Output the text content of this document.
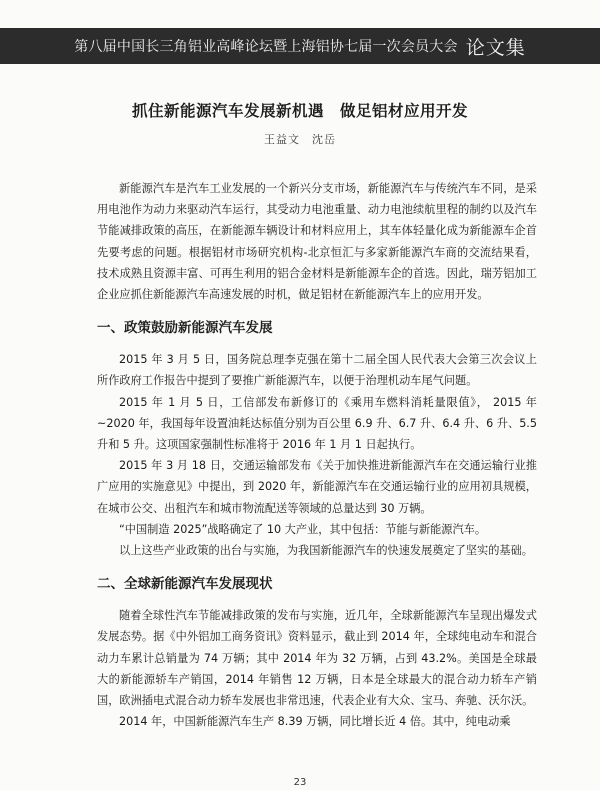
第八届中国长三角铝业高峰论坛暨上海铝协七届一次会员大会 论文集
抓住新能源汽车发展新机遇　做足铝材应用开发
王益文　沈岳

新能源汽车是汽车工业发展的一个新兴分支市场，新能源汽车与传统汽车不同，是采用电池作为动力来驱动汽车运行，其受动力电池重量、动力电池续航里程的制约以及汽车节能减排政策的高压，在新能源车辆设计和材料应用上，其车体轻量化成为新能源车企首先要考虑的问题。根据铝材市场研究机构-北京恒汇与多家新能源汽车商的交流结果看，技术成熟且资源丰富、可再生利用的铝合金材料是新能源车企的首选。因此，瑞芳铝加工企业应抓住新能源汽车高速发展的时机，做足铝材在新能源汽车上的应用开发。

一、政策鼓励新能源汽车发展

2015 年 3 月 5 日，国务院总理李克强在第十二届全国人民代表大会第三次会议上所作政府工作报告中提到了要推广新能源汽车，以便于治理机动车尾气问题。

2015 年 1 月 5 日，工信部发布新修订的《乘用车燃料消耗量限值》， 2015 年~2020 年，我国每年设置油耗达标值分别为百公里 6.9 升、6.7 升、6.4 升、6 升、5.5 升和 5 升。这项国家强制性标准将于 2016 年 1 月 1 日起执行。

2015 年 3 月 18 日，交通运输部发布《关于加快推进新能源汽车在交通运输行业推广应用的实施意见》中提出，到 2020 年，新能源汽车在交通运输行业的应用初具规模，在城市公交、出租汽车和城市物流配送等领域的总量达到 30 万辆。

“中国制造 2025”战略确定了 10 大产业，其中包括：节能与新能源汽车。

以上这些产业政策的出台与实施，为我国新能源汽车的快速发展奠定了坚实的基础。

二、全球新能源汽车发展现状

随着全球性汽车节能减排政策的发布与实施，近几年，全球新能源汽车呈现出爆发式发展态势。据《中外铝加工商务资讯》资料显示，截止到 2014 年，全球纯电动车和混合动力车累计总销量为 74 万辆；其中 2014 年为 32 万辆，占到 43.2%。美国是全球最大的新能源轿车产销国，2014 年销售 12 万辆，日本是全球最大的混合动力轿车产销国，欧洲插电式混合动力轿车发展也非常迅速，代表企业有大众、宝马、奔驰、沃尔沃。

2014 年，中国新能源汽车生产 8.39 万辆，同比增长近 4 倍。其中，纯电动乘

23
